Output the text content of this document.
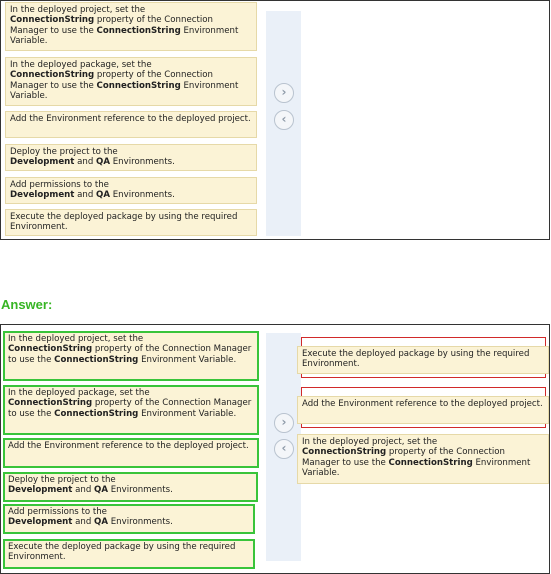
›
‹
In the deployed project, set the
ConnectionString property of the Connection Manager to use the ConnectionString Environment Variable.
In the deployed package, set the
ConnectionString property of the Connection Manager to use the ConnectionString Environment Variable.
Add the Environment reference to the deployed project.
Deploy the project to the
Development and QA Environments.
Add permissions to the
Development and QA Environments.
Execute the deployed package by using the required Environment.
Answer:
›
‹
In the deployed project, set the
ConnectionString property of the Connection Manager to use the ConnectionString Environment Variable.
In the deployed package, set the
ConnectionString property of the Connection Manager to use the ConnectionString Environment Variable.
Add the Environment reference to the deployed project.
Deploy the project to the
Development and QA Environments.
Add permissions to the
Development and QA Environments.
Execute the deployed package by using the required Environment.
Execute the deployed package by using the required Environment.
Add the Environment reference to the deployed project.
In the deployed project, set the
ConnectionString property of the Connection Manager to use the ConnectionString Environment Variable.
